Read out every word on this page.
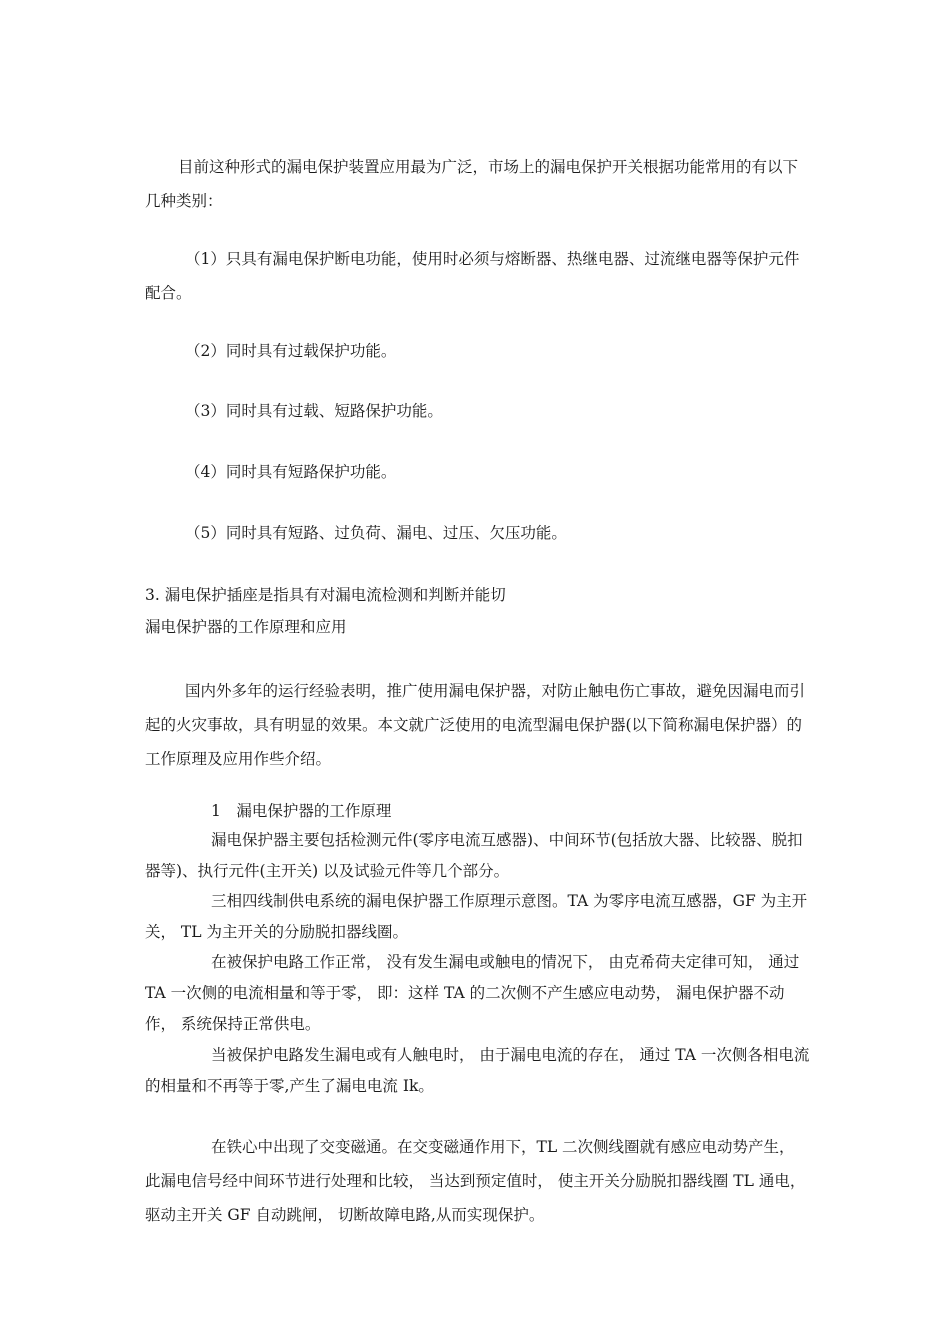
目前这种形式的漏电保护装置应用最为广泛，市场上的漏电保护开关根据功能常用的有以下几种类别：

（1）只具有漏电保护断电功能，使用时必须与熔断器、热继电器、过流继电器等保护元件配合。

（2）同时具有过载保护功能。

（3）同时具有过载、短路保护功能。

（4）同时具有短路保护功能。

（5）同时具有短路、过负荷、漏电、过压、欠压功能。

3. 漏电保护插座是指具有对漏电流检测和判断并能切
漏电保护器的工作原理和应用

国内外多年的运行经验表明，推广使用漏电保护器，对防止触电伤亡事故，避免因漏电而引起的火灾事故，具有明显的效果。本文就广泛使用的电流型漏电保护器(以下简称漏电保护器）的工作原理及应用作些介绍。

1　漏电保护器的工作原理

漏电保护器主要包括检测元件(零序电流互感器)、中间环节(包括放大器、比较器、脱扣器等)、执行元件(主开关) 以及试验元件等几个部分。

三相四线制供电系统的漏电保护器工作原理示意图。TA 为零序电流互感器，GF 为主开关， TL 为主开关的分励脱扣器线圈。

在被保护电路工作正常， 没有发生漏电或触电的情况下， 由克希荷夫定律可知， 通过 TA 一次侧的电流相量和等于零， 即：这样 TA 的二次侧不产生感应电动势， 漏电保护器不动作， 系统保持正常供电。

当被保护电路发生漏电或有人触电时， 由于漏电电流的存在， 通过 TA 一次侧各相电流的相量和不再等于零,产生了漏电电流 Ik。

在铁心中出现了交变磁通。在交变磁通作用下，TL 二次侧线圈就有感应电动势产生， 此漏电信号经中间环节进行处理和比较， 当达到预定值时， 使主开关分励脱扣器线圈 TL 通电， 驱动主开关 GF 自动跳闸， 切断故障电路,从而实现保护。
